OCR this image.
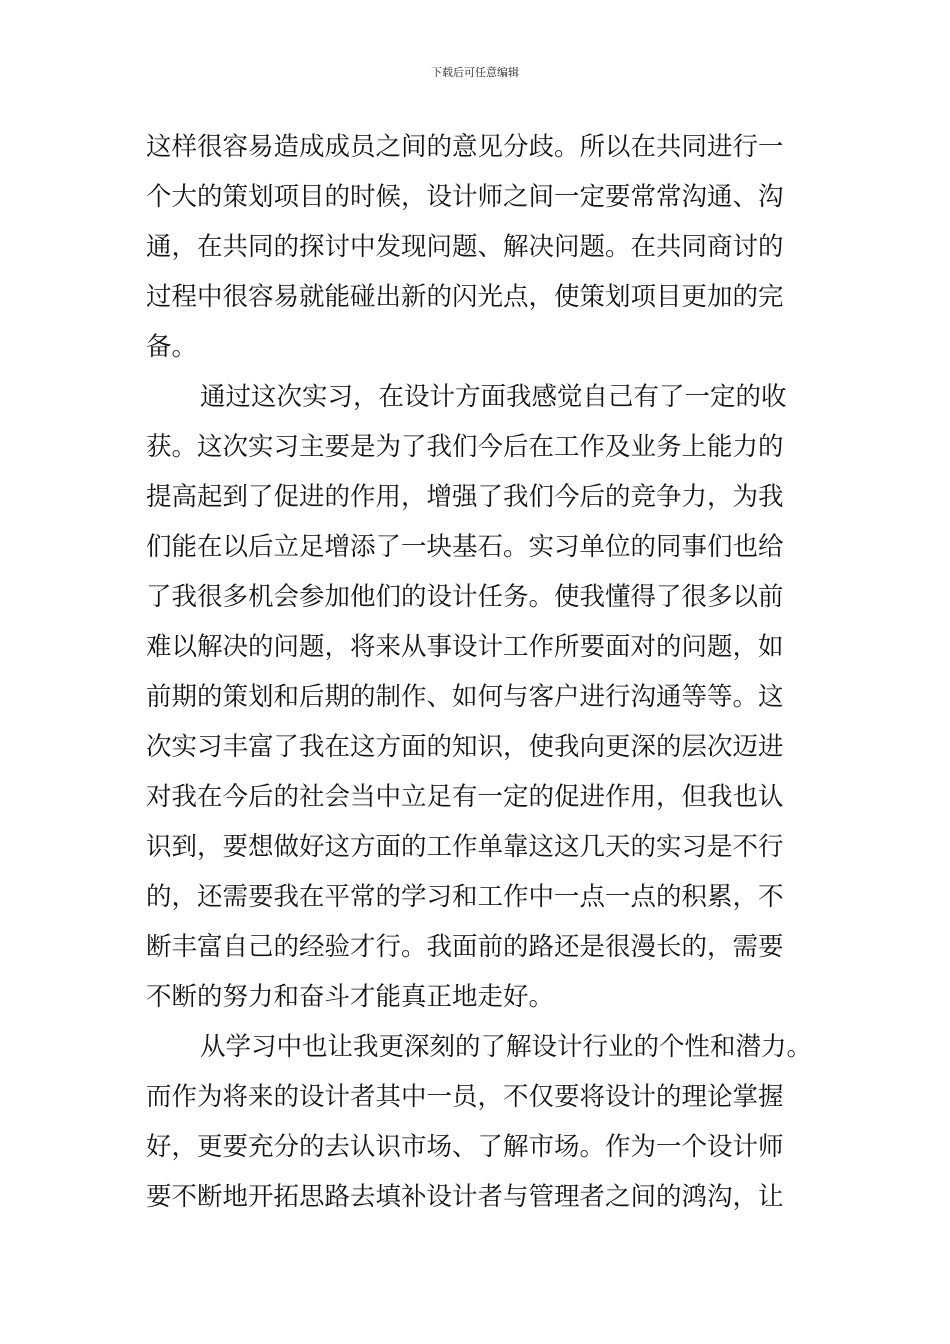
下载后可任意编辑
这样很容易造成成员之间的意见分歧。所以在共同进行一
个大的策划项目的时候，设计师之间一定要常常沟通、沟
通，在共同的探讨中发现问题、解决问题。在共同商讨的
过程中很容易就能碰出新的闪光点，使策划项目更加的完
备。
通过这次实习，在设计方面我感觉自己有了一定的收
获。这次实习主要是为了我们今后在工作及业务上能力的
提高起到了促进的作用，增强了我们今后的竞争力，为我
们能在以后立足增添了一块基石。实习单位的同事们也给
了我很多机会参加他们的设计任务。使我懂得了很多以前
难以解决的问题，将来从事设计工作所要面对的问题，如
前期的策划和后期的制作、如何与客户进行沟通等等。这
次实习丰富了我在这方面的知识，使我向更深的层次迈进
对我在今后的社会当中立足有一定的促进作用，但我也认
识到，要想做好这方面的工作单靠这这几天的实习是不行
的，还需要我在平常的学习和工作中一点一点的积累，不
断丰富自己的经验才行。我面前的路还是很漫长的，需要
不断的努力和奋斗才能真正地走好。
从学习中也让我更深刻的了解设计行业的个性和潜力。
而作为将来的设计者其中一员，不仅要将设计的理论掌握
好，更要充分的去认识市场、了解市场。作为一个设计师
要不断地开拓思路去填补设计者与管理者之间的鸿沟，让
